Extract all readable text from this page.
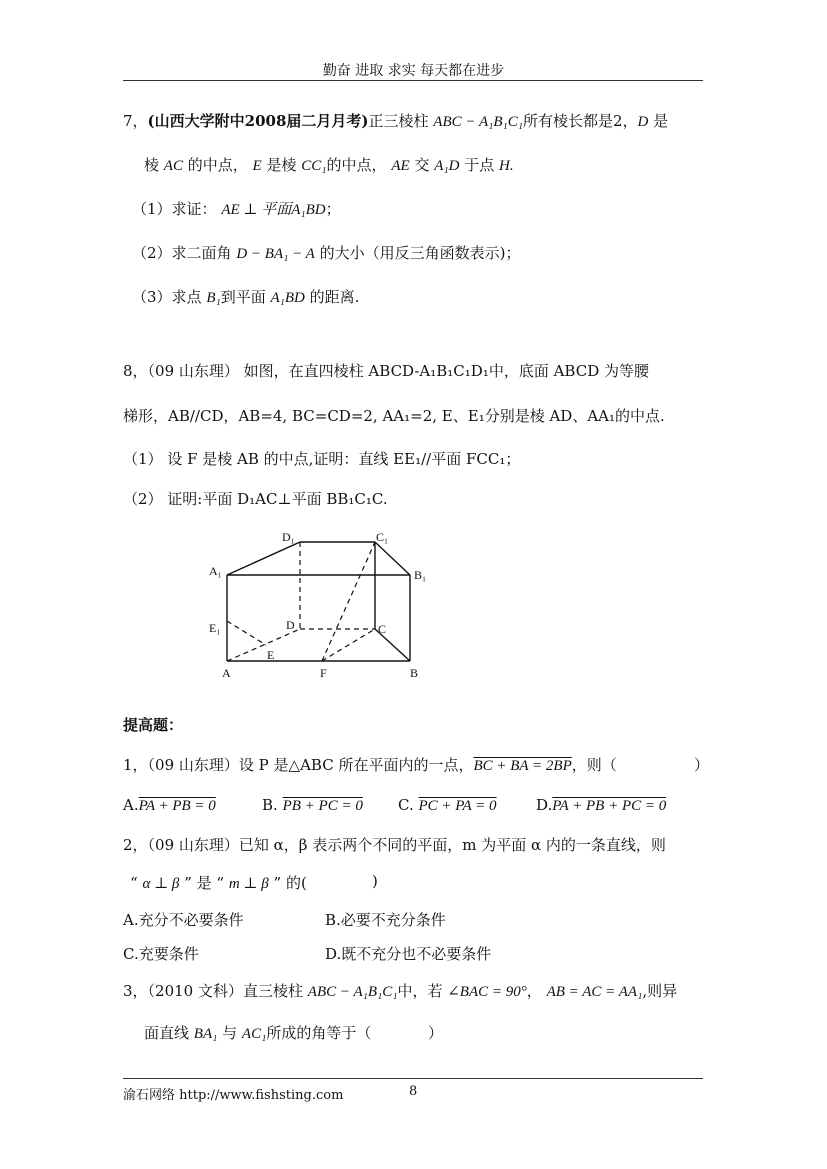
勤奋 进取 求实 每天都在进步
7，(山西大学附中2008届二月月考)正三棱柱 ABC − A₁B₁C₁所有棱长都是2，D 是
棱 AC 的中点， E 是棱 CC₁的中点， AE 交 A₁D 于点 H.
（1）求证： AE ⊥ 平面A₁BD；
（2）求二面角 D − BA₁ − A 的大小（用反三角函数表示)；
（3）求点 B₁到平面 A₁BD 的距离.
8，（09 山东理） 如图，在直四棱柱 ABCD-A₁B₁C₁D₁中，底面 ABCD 为等腰
梯形，AB//CD，AB=4, BC=CD=2, AA₁=2, E、E₁分别是棱 AD、AA₁的中点.
（1） 设 F 是棱 AB 的中点,证明：直线 EE₁//平面 FCC₁；
（2） 证明:平面 D₁AC⊥平面 BB₁C₁C.
D₁	C₁
A₁	B₁
E₁	D	C
E
A	F	B
提高题：
1，（09 山东理）设 P 是△ABC 所在平面内的一点，BC + BA = 2BP，则（	）
A.PA + PB = 0	B. PB + PC = 0 C. PC + PA = 0	D.PA + PB + PC = 0
2，（09 山东理）已知 α，β 表示两个不同的平面，m 为平面 α 内的一条直线，则
“ α ⊥ β ” 是 “ m ⊥ β ” 的(	)
A.充分不必要条件	B.必要不充分条件
C.充要条件	D.既不充分也不必要条件
3，（2010 文科）直三棱柱 ABC − A₁B₁C₁中，若 ∠BAC = 90°， AB = AC = AA₁,则异
面直线 BA₁ 与 AC₁所成的角等于（	）
渝石网络 http://www.fishsting.com	8
